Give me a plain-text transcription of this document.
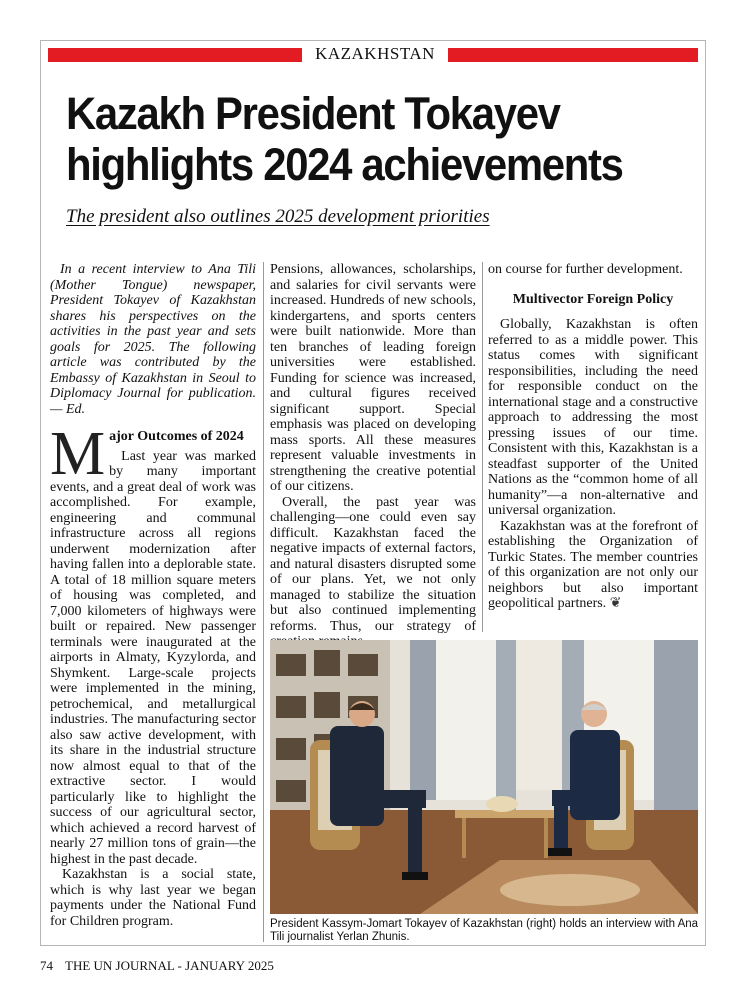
KAZAKHSTAN
Kazakh President Tokayev
highlights 2024 achievements

The president also outlines 2025 development priorities

In a recent interview to Ana Tili (Mother Tongue) newspaper, President Tokayev of Kazakhstan shares his perspectives on the activities in the past year and sets goals for 2025. The following article was contributed by the Embassy of Kazakhstan in Seoul to Diplomacy Journal for publication. — Ed.

M ajor Outcomes of 2024

Last year was marked by many important events, and a great deal of work was accomplished. For example, engineering and communal infrastructure across all regions underwent modernization after having fallen into a deplorable state. A total of 18 million square meters of housing was completed, and 7,000 kilometers of highways were built or repaired. New passenger terminals were inaugurated at the airports in Almaty, Kyzylorda, and Shymkent. Large-scale projects were implemented in the mining, petrochemical, and metallurgical industries. The manufacturing sector also saw active development, with its share in the industrial structure now almost equal to that of the extractive sector. I would particularly like to highlight the success of our agricultural sector, which achieved a record harvest of nearly 27 million tons of grain—the highest in the past decade.

Kazakhstan is a social state, which is why last year we began payments under the National Fund for Children program.

Pensions, allowances, scholarships, and salaries for civil servants were increased. Hundreds of new schools, kindergartens, and sports centers were built nationwide. More than ten branches of leading foreign universities were established. Funding for science was increased, and cultural figures received significant support. Special emphasis was placed on developing mass sports. All these measures represent valuable investments in strengthening the creative potential of our citizens.

Overall, the past year was challenging—one could even say difficult. Kazakhstan faced the negative impacts of external factors, and natural disasters disrupted some of our plans. Yet, we not only managed to stabilize the situation but also continued implementing reforms. Thus, our strategy of

on course for further development.

Multivector Foreign Policy

Globally, Kazakhstan is often referred to as a middle power. This status comes with significant responsibilities, including the need for responsible conduct on the international stage and a constructive approach to addressing the most pressing issues of our time. Consistent with this, Kazakhstan is a steadfast supporter of the United Nations as the “common home of all humanity”—a non-alternative and universal organization.

Kazakhstan was at the forefront of establishing the Organization of Turkic States. The member countries of this organization are not only our neighbors but also important geopolitical partners. ❦

President Kassym-Jomart Tokayev of Kazakhstan (right) holds an interview with Ana Tili journalist Yerlan Zhunis.
74 THE UN JOURNAL - JANUARY 2025
